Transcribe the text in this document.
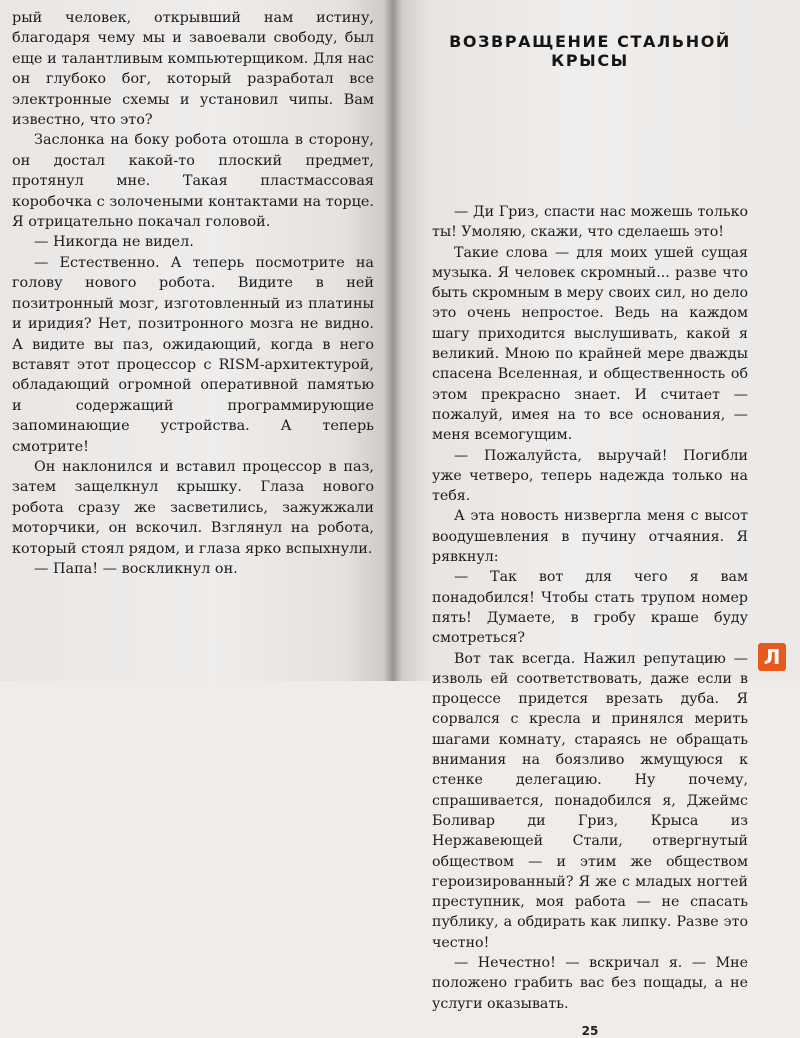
рый человек, открывший нам истину, благодаря чему мы и завоевали свободу, был еще и талантливым компьютерщиком. Для нас он глубоко бог, который разработал все электронные схемы и установил чипы. Вам известно, что это?

Заслонка на боку робота отошла в сторону, он достал какой-то плоский предмет, протянул мне. Такая пластмассовая коробочка с золочеными контактами на торце. Я отрицательно покачал головой.

— Никогда не видел.

— Естественно. А теперь посмотрите на голову нового робота. Видите в ней позитронный мозг, изготовленный из платины и иридия? Нет, позитронного мозга не видно. А видите вы паз, ожидающий, когда в него вставят этот процессор с RISM-архитектурой, обладающий огромной оперативной памятью и содержащий программирующие запоминающие устройства. А теперь смотрите!

Он наклонился и вставил процессор в паз, затем защелкнул крышку. Глаза нового робота сразу же засветились, зажужжали моторчики, он вскочил. Взглянул на робота, который стоял рядом, и глаза ярко вспыхнули.

— Папа! — воскликнул он.

ВОЗВРАЩЕНИЕ СТАЛЬНОЙ КРЫСЫ

— Ди Гриз, спасти нас можешь только ты! Умоляю, скажи, что сделаешь это!

Такие слова — для моих ушей сущая музыка. Я человек скромный... разве что быть скромным в меру своих сил, но дело это очень непростое. Ведь на каждом шагу приходится выслушивать, какой я великий. Мною по крайней мере дважды спасена Вселенная, и общественность об этом прекрасно знает. И считает — пожалуй, имея на то все основания, — меня всемогущим.

— Пожалуйста, выручай! Погибли уже четверо, теперь надежда только на тебя.

А эта новость низвергла меня с высот воодушевления в пучину отчаяния. Я рявкнул:

— Так вот для чего я вам понадобился! Чтобы стать трупом номер пять! Думаете, в гробу краше буду смотреться?

Вот так всегда. Нажил репутацию — изволь ей соответствовать, даже если в процессе придется врезать дуба. Я сорвался с кресла и принялся мерить шагами комнату, стараясь не обращать внимания на боязливо жмущуюся к стенке делегацию. Ну почему, спрашивается, понадобился я, Джеймс Боливар ди Гриз, Крыса из Нержавеющей Стали, отвергнутый обществом — и этим же обществом героизированный? Я же с младых ногтей преступник, моя работа — не спасать публику, а обдирать как липку. Разве это честно!

— Нечестно! — вскричал я. — Мне положено грабить вас без пощады, а не услуги оказывать.

25
Л
